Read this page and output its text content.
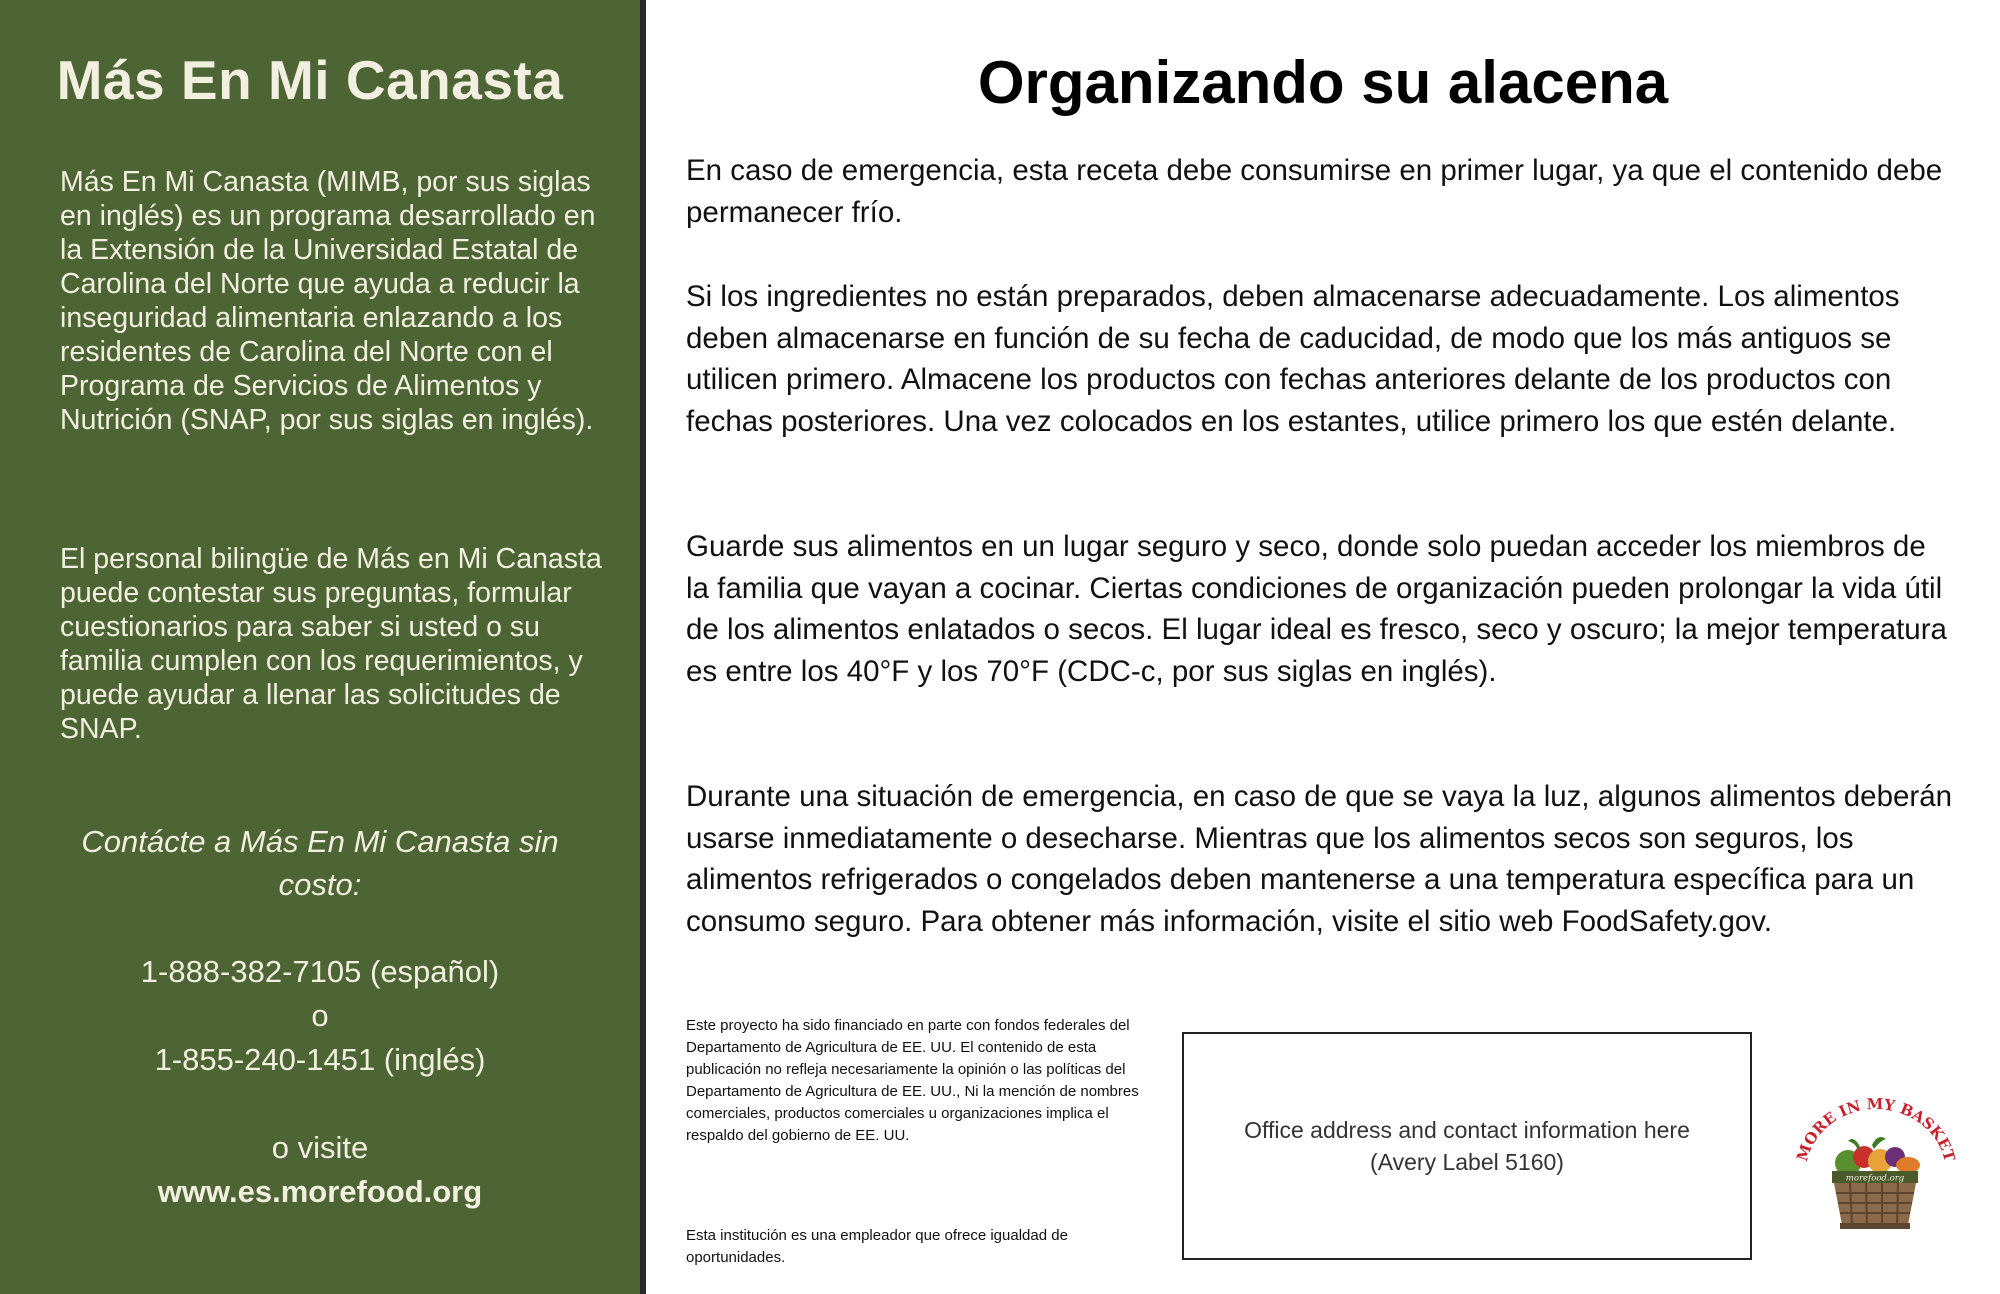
Más En Mi Canasta

Más En Mi Canasta (MIMB, por sus siglas en inglés) es un programa desarrollado en la Extensión de la Universidad Estatal de Carolina del Norte que ayuda a reducir la inseguridad alimentaria enlazando a los residentes de Carolina del Norte con el Programa de Servicios de Alimentos y Nutrición (SNAP, por sus siglas en inglés).

El personal bilingüe de Más en Mi Canasta puede contestar sus preguntas, formular cuestionarios para saber si usted o su familia cumplen con los requerimientos, y puede ayudar a llenar las solicitudes de SNAP.

Contácte a Más En Mi Canasta sin costo:

1-888-382-7105 (español)

o

1-855-240-1451 (inglés)

o visite

www.es.morefood.org

Organizando su alacena

En caso de emergencia, esta receta debe consumirse en primer lugar, ya que el contenido debe permanecer frío.

Si los ingredientes no están preparados, deben almacenarse adecuadamente. Los alimentos deben almacenarse en función de su fecha de caducidad, de modo que los más antiguos se utilicen primero. Almacene los productos con fechas anteriores delante de los productos con fechas posteriores. Una vez colocados en los estantes, utilice primero los que estén delante.

Guarde sus alimentos en un lugar seguro y seco, donde solo puedan acceder los miembros de la familia que vayan a cocinar. Ciertas condiciones de organización pueden prolongar la vida útil de los alimentos enlatados o secos. El lugar ideal es fresco, seco y oscuro; la mejor temperatura es entre los 40°F y los 70°F (CDC-c, por sus siglas en inglés).

Durante una situación de emergencia, en caso de que se vaya la luz, algunos alimentos deberán usarse inmediatamente o desecharse. Mientras que los alimentos secos son seguros, los alimentos refrigerados o congelados deben mantenerse a una temperatura específica para un consumo seguro. Para obtener más información, visite el sitio web FoodSafety.gov.

Este proyecto ha sido financiado en parte con fondos federales del Departamento de Agricultura de EE. UU. El contenido de esta publicación no refleja necesariamente la opinión o las políticas del Departamento de Agricultura de EE. UU., Ni la mención de nombres comerciales, productos comerciales u organizaciones implica el respaldo del gobierno de EE. UU.

Esta institución es una empleador que ofrece igualdad de oportunidades.

Office address and contact information here (Avery Label 5160)	MORE IN MY BASKET
morefood.org
